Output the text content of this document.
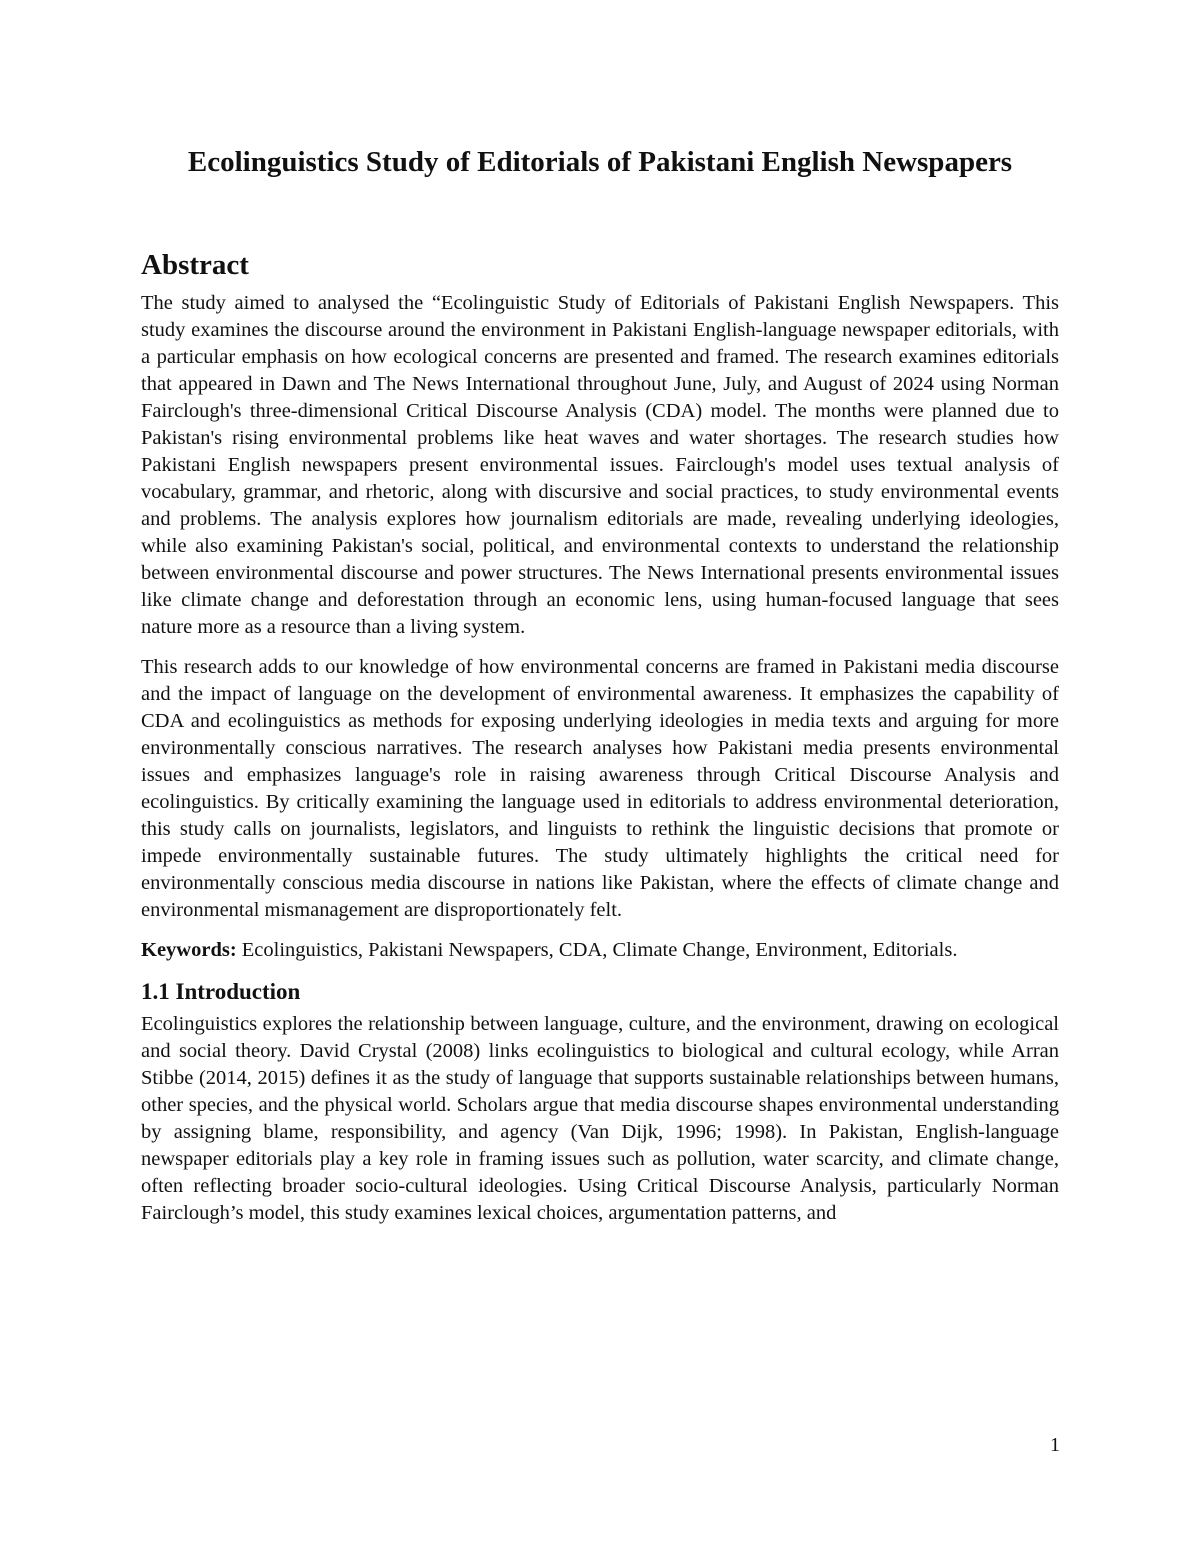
Ecolinguistics Study of Editorials of Pakistani English Newspapers
Abstract

The study aimed to analysed the “Ecolinguistic Study of Editorials of Pakistani English Newspapers. This study examines the discourse around the environment in Pakistani English-language newspaper editorials, with a particular emphasis on how ecological concerns are presented and framed. The research examines editorials that appeared in Dawn and The News International throughout June, July, and August of 2024 using Norman Fairclough's three-dimensional Critical Discourse Analysis (CDA) model. The months were planned due to Pakistan's rising environmental problems like heat waves and water shortages. The research studies how Pakistani English newspapers present environmental issues. Fairclough's model uses textual analysis of vocabulary, grammar, and rhetoric, along with discursive and social practices, to study environmental events and problems. The analysis explores how journalism editorials are made, revealing underlying ideologies, while also examining Pakistan's social, political, and environmental contexts to understand the relationship between environmental discourse and power structures. The News International presents environmental issues like climate change and deforestation through an economic lens, using human-focused language that sees nature more as a resource than a living system.

This research adds to our knowledge of how environmental concerns are framed in Pakistani media discourse and the impact of language on the development of environmental awareness. It emphasizes the capability of CDA and ecolinguistics as methods for exposing underlying ideologies in media texts and arguing for more environmentally conscious narratives. The research analyses how Pakistani media presents environmental issues and emphasizes language's role in raising awareness through Critical Discourse Analysis and ecolinguistics. By critically examining the language used in editorials to address environmental deterioration, this study calls on journalists, legislators, and linguists to rethink the linguistic decisions that promote or impede environmentally sustainable futures. The study ultimately highlights the critical need for environmentally conscious media discourse in nations like Pakistan, where the effects of climate change and environmental mismanagement are disproportionately felt.

Keywords: Ecolinguistics, Pakistani Newspapers, CDA, Climate Change, Environment, Editorials.

1.1 Introduction

Ecolinguistics explores the relationship between language, culture, and the environment, drawing on ecological and social theory. David Crystal (2008) links ecolinguistics to biological and cultural ecology, while Arran Stibbe (2014, 2015) defines it as the study of language that supports sustainable relationships between humans, other species, and the physical world. Scholars argue that media discourse shapes environmental understanding by assigning blame, responsibility, and agency (Van Dijk, 1996; 1998). In Pakistan, English-language newspaper editorials play a key role in framing issues such as pollution, water scarcity, and climate change, often reflecting broader socio-cultural ideologies. Using Critical Discourse Analysis, particularly Norman Fairclough’s model, this study examines lexical choices, argumentation patterns, and

1
